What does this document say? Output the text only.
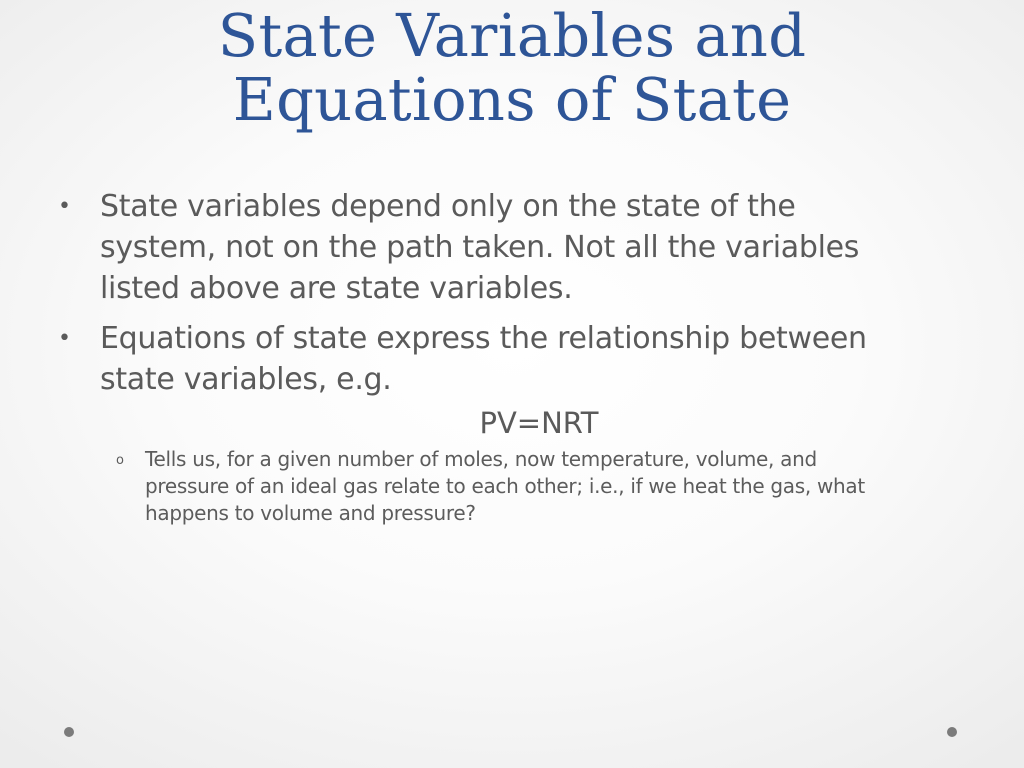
State Variables and
Equations of State
• State variables depend only on the state of the
system, not on the path taken. Not all the variables
listed above are state variables.
• Equations of state express the relationship between
state variables, e.g.
PV=NRT
o Tells us, for a given number of moles, now temperature, volume, and
pressure of an ideal gas relate to each other; i.e., if we heat the gas, what
happens to volume and pressure?
